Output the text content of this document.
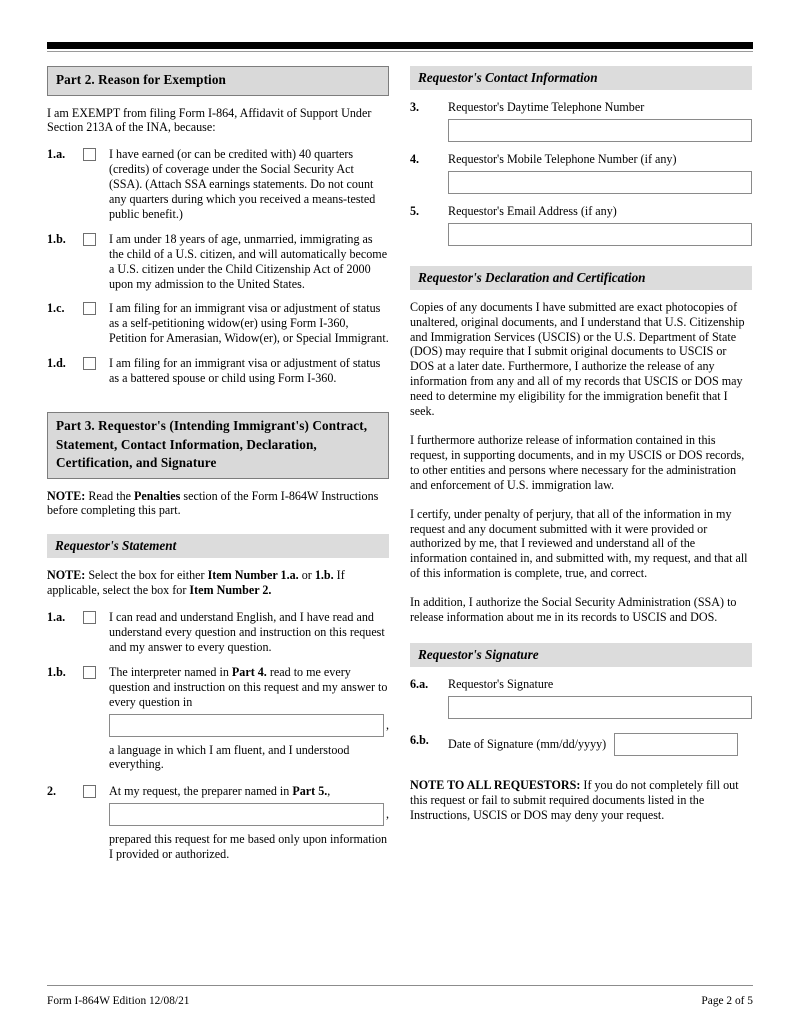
Part 2. Reason for Exemption
I am EXEMPT from filing Form I-864, Affidavit of Support Under Section 213A of the INA, because:
1.a.	I have earned (or can be credited with) 40 quarters (credits) of coverage under the Social Security Act (SSA). (Attach SSA earnings statements. Do not count any quarters during which you received a means-tested public benefit.)
1.b.	I am under 18 years of age, unmarried, immigrating as the child of a U.S. citizen, and will automatically become a U.S. citizen under the Child Citizenship Act of 2000 upon my admission to the United States.
1.c.	I am filing for an immigrant visa or adjustment of status as a self-petitioning widow(er) using Form I-360, Petition for Amerasian, Widow(er), or Special Immigrant.
1.d.	I am filing for an immigrant visa or adjustment of status as a battered spouse or child using Form I-360.
Part 3. Requestor's (Intending Immigrant's) Contract, Statement, Contact Information, Declaration, Certification, and Signature
NOTE: Read the Penalties section of the Form I-864W Instructions before completing this part.
Requestor's Statement
NOTE: Select the box for either Item Number 1.a. or 1.b. If applicable, select the box for Item Number 2.
1.a.	I can read and understand English, and I have read and understand every question and instruction on this request and my answer to every question.
1.b.	The interpreter named in Part 4. read to me every question and instruction on this request and my answer to every question in
,
a language in which I am fluent, and I understood everything.
2.	At my request, the preparer named in Part 5.,
,
prepared this request for me based only upon information I provided or authorized.
Requestor's Contact Information
3.	Requestor's Daytime Telephone Number
4.	Requestor's Mobile Telephone Number (if any)
5.	Requestor's Email Address (if any)
Requestor's Declaration and Certification
Copies of any documents I have submitted are exact photocopies of unaltered, original documents, and I understand that U.S. Citizenship and Immigration Services (USCIS) or the U.S. Department of State (DOS) may require that I submit original documents to USCIS or DOS at a later date. Furthermore, I authorize the release of any information from any and all of my records that USCIS or DOS may need to determine my eligibility for the immigration benefit that I seek.
I furthermore authorize release of information contained in this request, in supporting documents, and in my USCIS or DOS records, to other entities and persons where necessary for the administration and enforcement of U.S. immigration law.
I certify, under penalty of perjury, that all of the information in my request and any document submitted with it were provided or authorized by me, that I reviewed and understand all of the information contained in, and submitted with, my request, and that all of this information is complete, true, and correct.
In addition, I authorize the Social Security Administration (SSA) to release information about me in its records to USCIS and DOS.
Requestor's Signature
6.a.	Requestor's Signature
6.b.	Date of Signature (mm/dd/yyyy)
NOTE TO ALL REQUESTORS: If you do not completely fill out this request or fail to submit required documents listed in the Instructions, USCIS or DOS may deny your request.
Form I-864W Edition 12/08/21	Page 2 of 5
